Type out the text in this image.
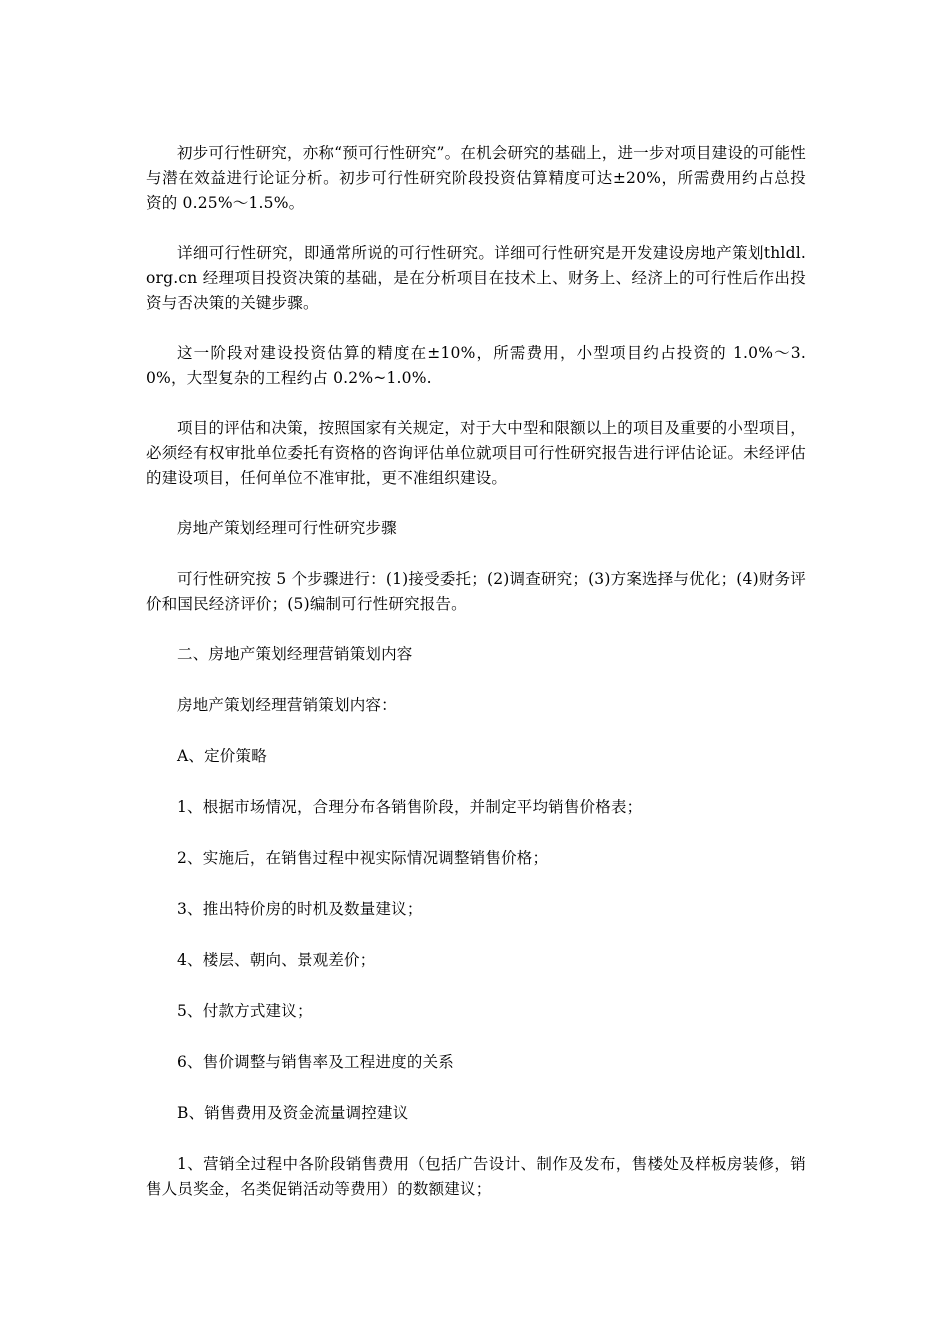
初步可行性研究，亦称“预可行性研究”。在机会研究的基础上，进一步对项目建设的可能性与潜在效益进行论证分析。初步可行性研究阶段投资估算精度可达±20%，所需费用约占总投资的 0.25%～1.5%。

详细可行性研究，即通常所说的可行性研究。详细可行性研究是开发建设房地产策划thldl.org.cn 经理项目投资决策的基础，是在分析项目在技术上、财务上、经济上的可行性后作出投资与否决策的关键步骤。

这一阶段对建设投资估算的精度在±10%，所需费用，小型项目约占投资的 1.0%～3.0%，大型复杂的工程约占 0.2%~1.0%.

项目的评估和决策，按照国家有关规定，对于大中型和限额以上的项目及重要的小型项目，必须经有权审批单位委托有资格的咨询评估单位就项目可行性研究报告进行评估论证。未经评估的建设项目，任何单位不准审批，更不准组织建设。

房地产策划经理可行性研究步骤

可行性研究按 5 个步骤进行：(1)接受委托；(2)调查研究；(3)方案选择与优化；(4)财务评价和国民经济评价；(5)编制可行性研究报告。

二、房地产策划经理营销策划内容

房地产策划经理营销策划内容：

A、定价策略

1、根据市场情况，合理分布各销售阶段，并制定平均销售价格表；

2、实施后，在销售过程中视实际情况调整销售价格；

3、推出特价房的时机及数量建议；

4、楼层、朝向、景观差价；

5、付款方式建议；

6、售价调整与销售率及工程进度的关系

B、销售费用及资金流量调控建议

1、营销全过程中各阶段销售费用（包括广告设计、制作及发布，售楼处及样板房装修，销售人员奖金，名类促销活动等费用）的数额建议；
